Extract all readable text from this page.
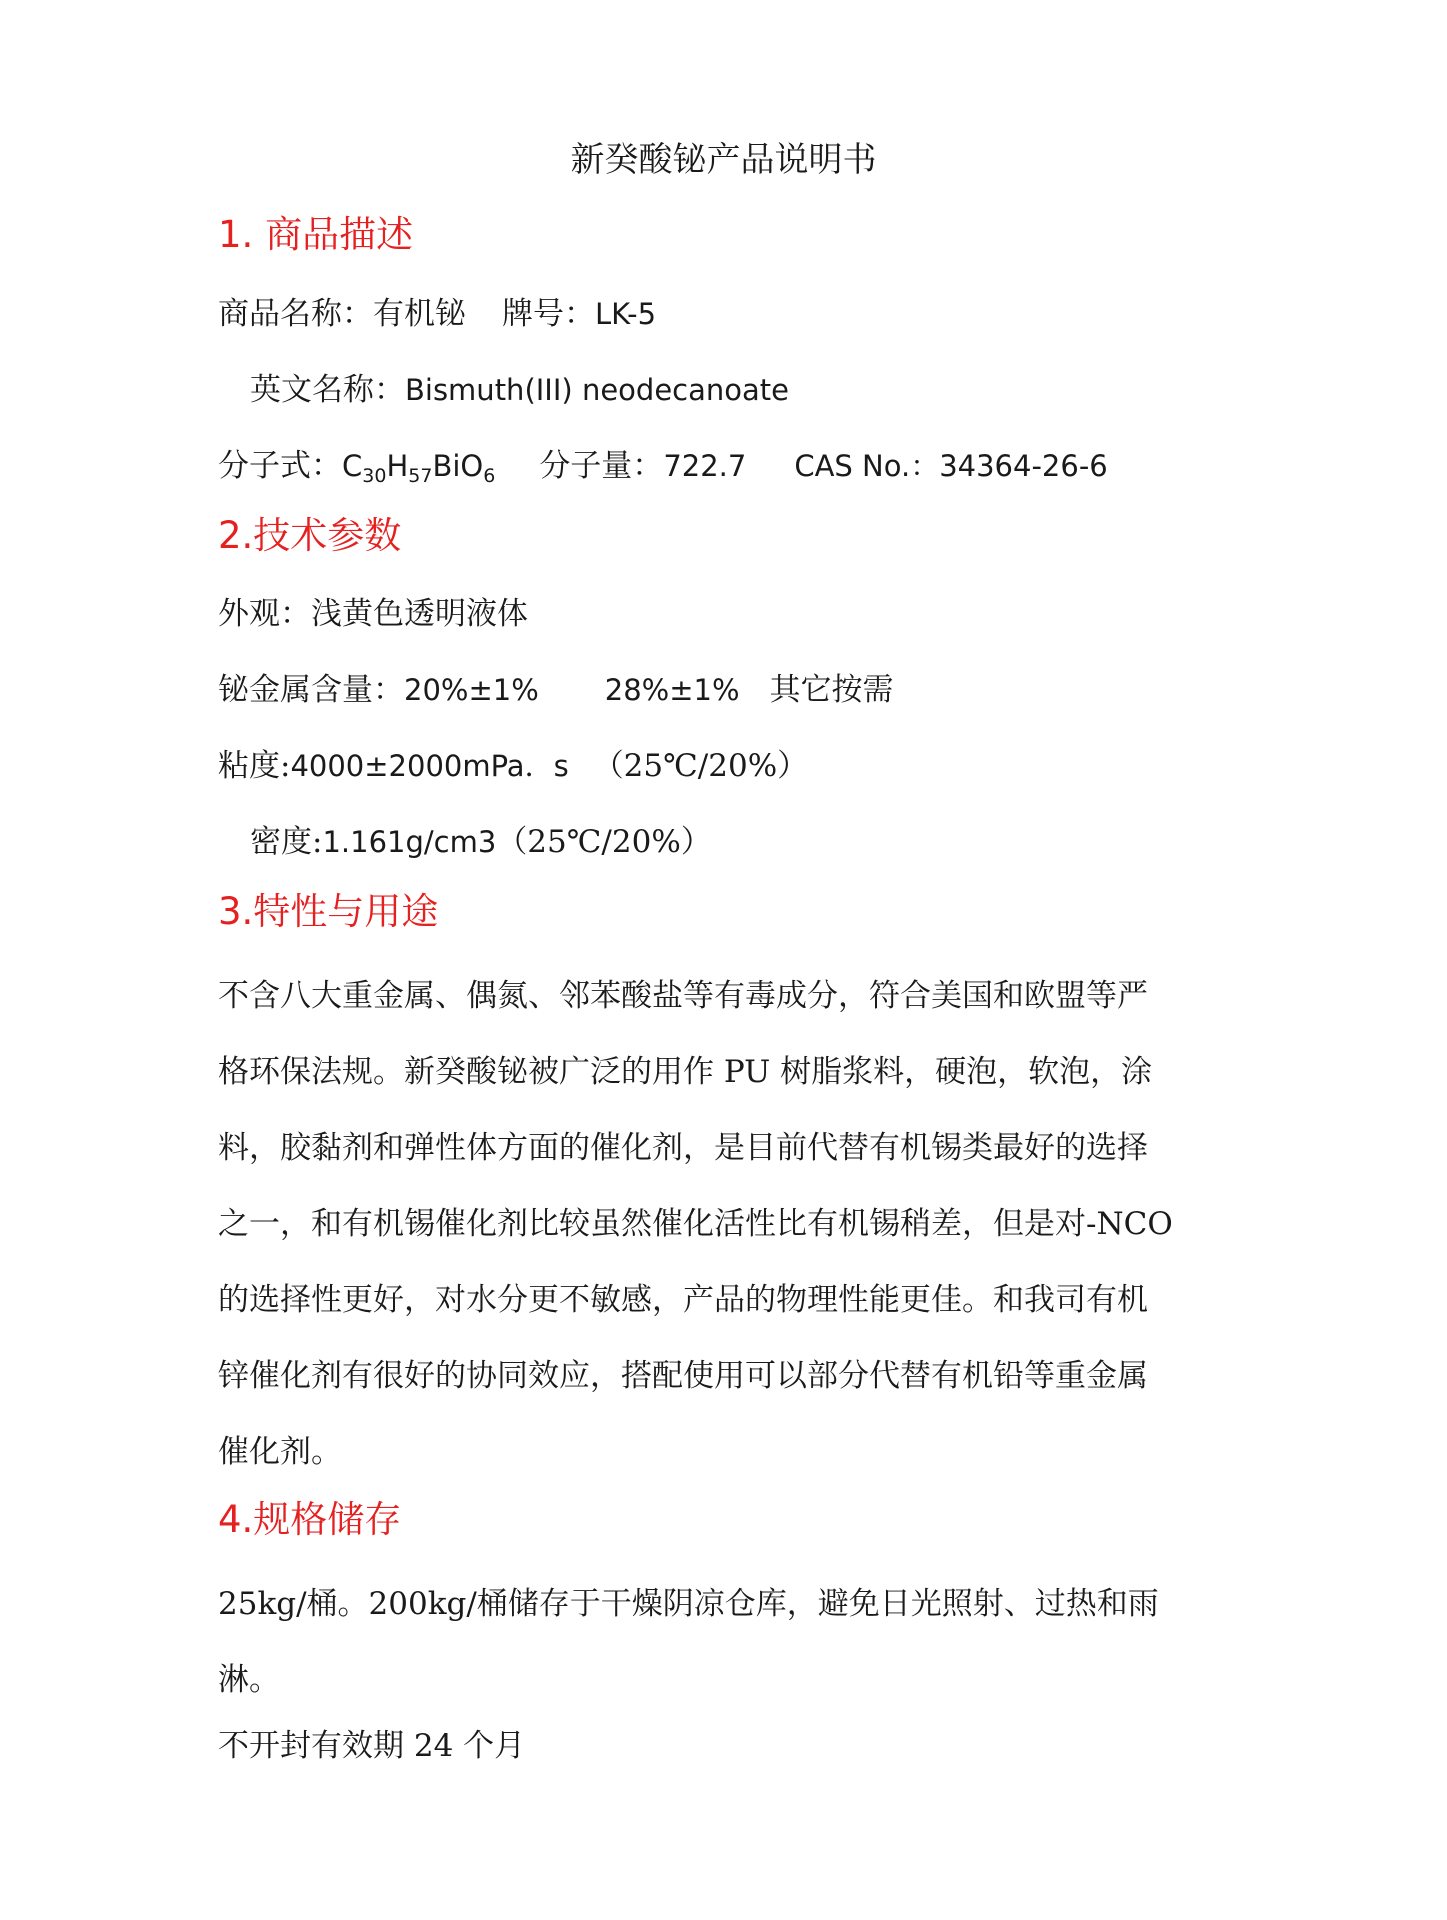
新癸酸铋产品说明书
1. 商品描述
商品名称：有机铋 牌号：LK-5
英文名称：Bismuth(III) neodecanoate
分子式：$C_{30}H_{57}BiO_6$ 分子量：722.7 CAS No.：34364-26-6
2.技术参数
外观：浅黄色透明液体
铋金属含量：20%±1% 28%±1% 其它按需
粘度:4000±2000mPa．s （25℃/20%）
密度:1.161g/cm3（25℃/20%）
3.特性与用途
不含八大重金属、偶氮、邻苯酸盐等有毒成分，符合美国和欧盟等严
格环保法规。新癸酸铋被广泛的用作 PU 树脂浆料，硬泡，软泡，涂
料，胶黏剂和弹性体方面的催化剂，是目前代替有机锡类最好的选择
之一，和有机锡催化剂比较虽然催化活性比有机锡稍差，但是对-NCO
的选择性更好，对水分更不敏感，产品的物理性能更佳。和我司有机
锌催化剂有很好的协同效应，搭配使用可以部分代替有机铅等重金属
催化剂。
4.规格储存
25kg/桶。200kg/桶储存于干燥阴凉仓库，避免日光照射、过热和雨
淋。
不开封有效期 24 个月
